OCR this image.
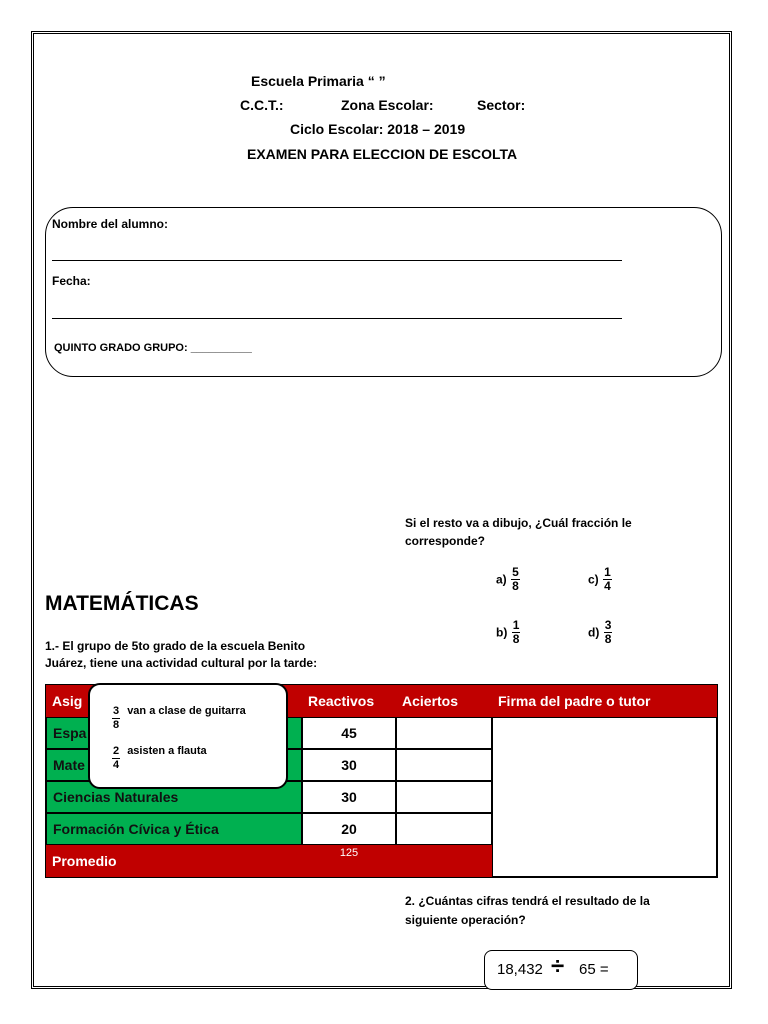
Escuela Primaria “ ”
C.C.T.:	Zona Escolar:	Sector:
Ciclo Escolar: 2018 – 2019
EXAMEN PARA ELECCION DE ESCOLTA
Nombre del alumno:
Fecha:
QUINTO GRADO GRUPO: __________
Si el resto va a dibujo, ¿Cuál fracción le
corresponde?
$a) \frac{5}{8}$	$c) \frac{1}{4}$
$b) \frac{1}{8}$	$d) \frac{3}{8}$
MATEMÁTICAS
1.- El grupo de 5to grado de la escuela Benito
Juárez, tiene una actividad cultural por la tarde:
Asig	Reactivos	Aciertos	Firma del padre o tutor
Espa	45		
Mate	30		
Ciencias Naturales	30		
Formación Cívica y Ética	20		
Promedio	125		
$\frac{3}{8}$ van a clase de guitarra
$\frac{2}{4}$ asisten a flauta
2. ¿Cuántas cifras tendrá el resultado de la
siguiente operación?
18,432 ÷ 65 =
